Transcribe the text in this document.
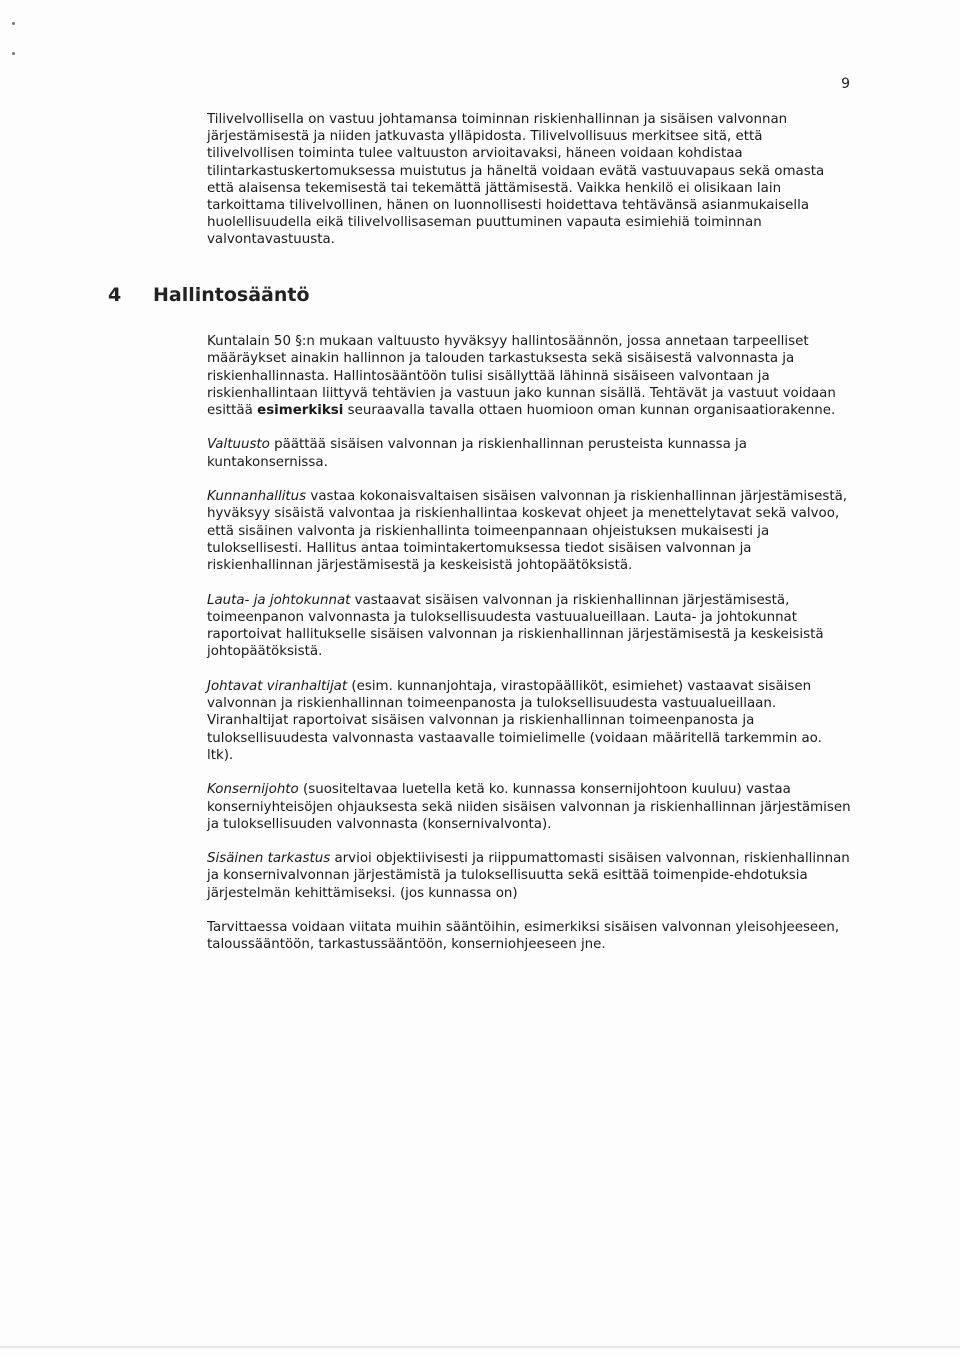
9

Tilivelvollisella on vastuu johtamansa toiminnan riskienhallinnan ja sisäisen valvonnan järjestämisestä ja niiden jatkuvasta ylläpidosta. Tilivelvollisuus merkitsee sitä, että tilivelvollisen toiminta tulee valtuuston arvioitavaksi, häneen voidaan kohdistaa tilintarkastuskertomuksessa muistutus ja häneltä voidaan evätä vastuuvapaus sekä omasta että alaisensa tekemisestä tai tekemättä jättämisestä. Vaikka henkilö ei olisikaan lain tarkoittama tilivelvollinen, hänen on luonnollisesti hoidettava tehtävänsä asianmukaisella huolellisuudella eikä tilivelvollisaseman puuttuminen vapauta esimiehiä toiminnan valvontavastuusta.

4	Hallintosääntö

Kuntalain 50 §:n mukaan valtuusto hyväksyy hallintosäännön, jossa annetaan tarpeelliset määräykset ainakin hallinnon ja talouden tarkastuksesta sekä sisäisestä valvonnasta ja riskienhallinnasta. Hallintosääntöön tulisi sisällyttää lähinnä sisäiseen valvontaan ja riskienhallintaan liittyvä tehtävien ja vastuun jako kunnan sisällä. Tehtävät ja vastuut voidaan esittää esimerkiksi seuraavalla tavalla ottaen huomioon oman kunnan organisaatiorakenne.

Valtuusto päättää sisäisen valvonnan ja riskienhallinnan perusteista kunnassa ja kuntakonsernissa.

Kunnanhallitus vastaa kokonaisvaltaisen sisäisen valvonnan ja riskienhallinnan järjestämisestä, hyväksyy sisäistä valvontaa ja riskienhallintaa koskevat ohjeet ja menettelytavat sekä valvoo, että sisäinen valvonta ja riskienhallinta toimeenpannaan ohjeistuksen mukaisesti ja tuloksellisesti. Hallitus antaa toimintakertomuksessa tiedot sisäisen valvonnan ja riskienhallinnan järjestämisestä ja keskeisistä johtopäätöksistä.

Lauta- ja johtokunnat vastaavat sisäisen valvonnan ja riskienhallinnan järjestämisestä, toimeenpanon valvonnasta ja tuloksellisuudesta vastuualueillaan. Lauta- ja johtokunnat raportoivat hallitukselle sisäisen valvonnan ja riskienhallinnan järjestämisestä ja keskeisistä johtopäätöksistä.

Johtavat viranhaltijat (esim. kunnanjohtaja, virastopäälliköt, esimiehet) vastaavat sisäisen valvonnan ja riskienhallinnan toimeenpanosta ja tuloksellisuudesta vastuualueillaan. Viranhaltijat raportoivat sisäisen valvonnan ja riskienhallinnan toimeenpanosta ja tuloksellisuudesta valvonnasta vastaavalle toimielimelle (voidaan määritellä tarkemmin ao. ltk).

Konsernijohto (suositeltavaa luetella ketä ko. kunnassa konsernijohtoon kuuluu) vastaa konserniyhteisöjen ohjauksesta sekä niiden sisäisen valvonnan ja riskienhallinnan järjestämisen ja tuloksellisuuden valvonnasta (konsernivalvonta).

Sisäinen tarkastus arvioi objektiivisesti ja riippumattomasti sisäisen valvonnan, riskienhallinnan ja konsernivalvonnan järjestämistä ja tuloksellisuutta sekä esittää toimenpide-ehdotuksia järjestelmän kehittämiseksi. (jos kunnassa on)

Tarvittaessa voidaan viitata muihin sääntöihin, esimerkiksi sisäisen valvonnan yleisohjeeseen, taloussääntöön, tarkastussääntöön, konserniohjeeseen jne.
